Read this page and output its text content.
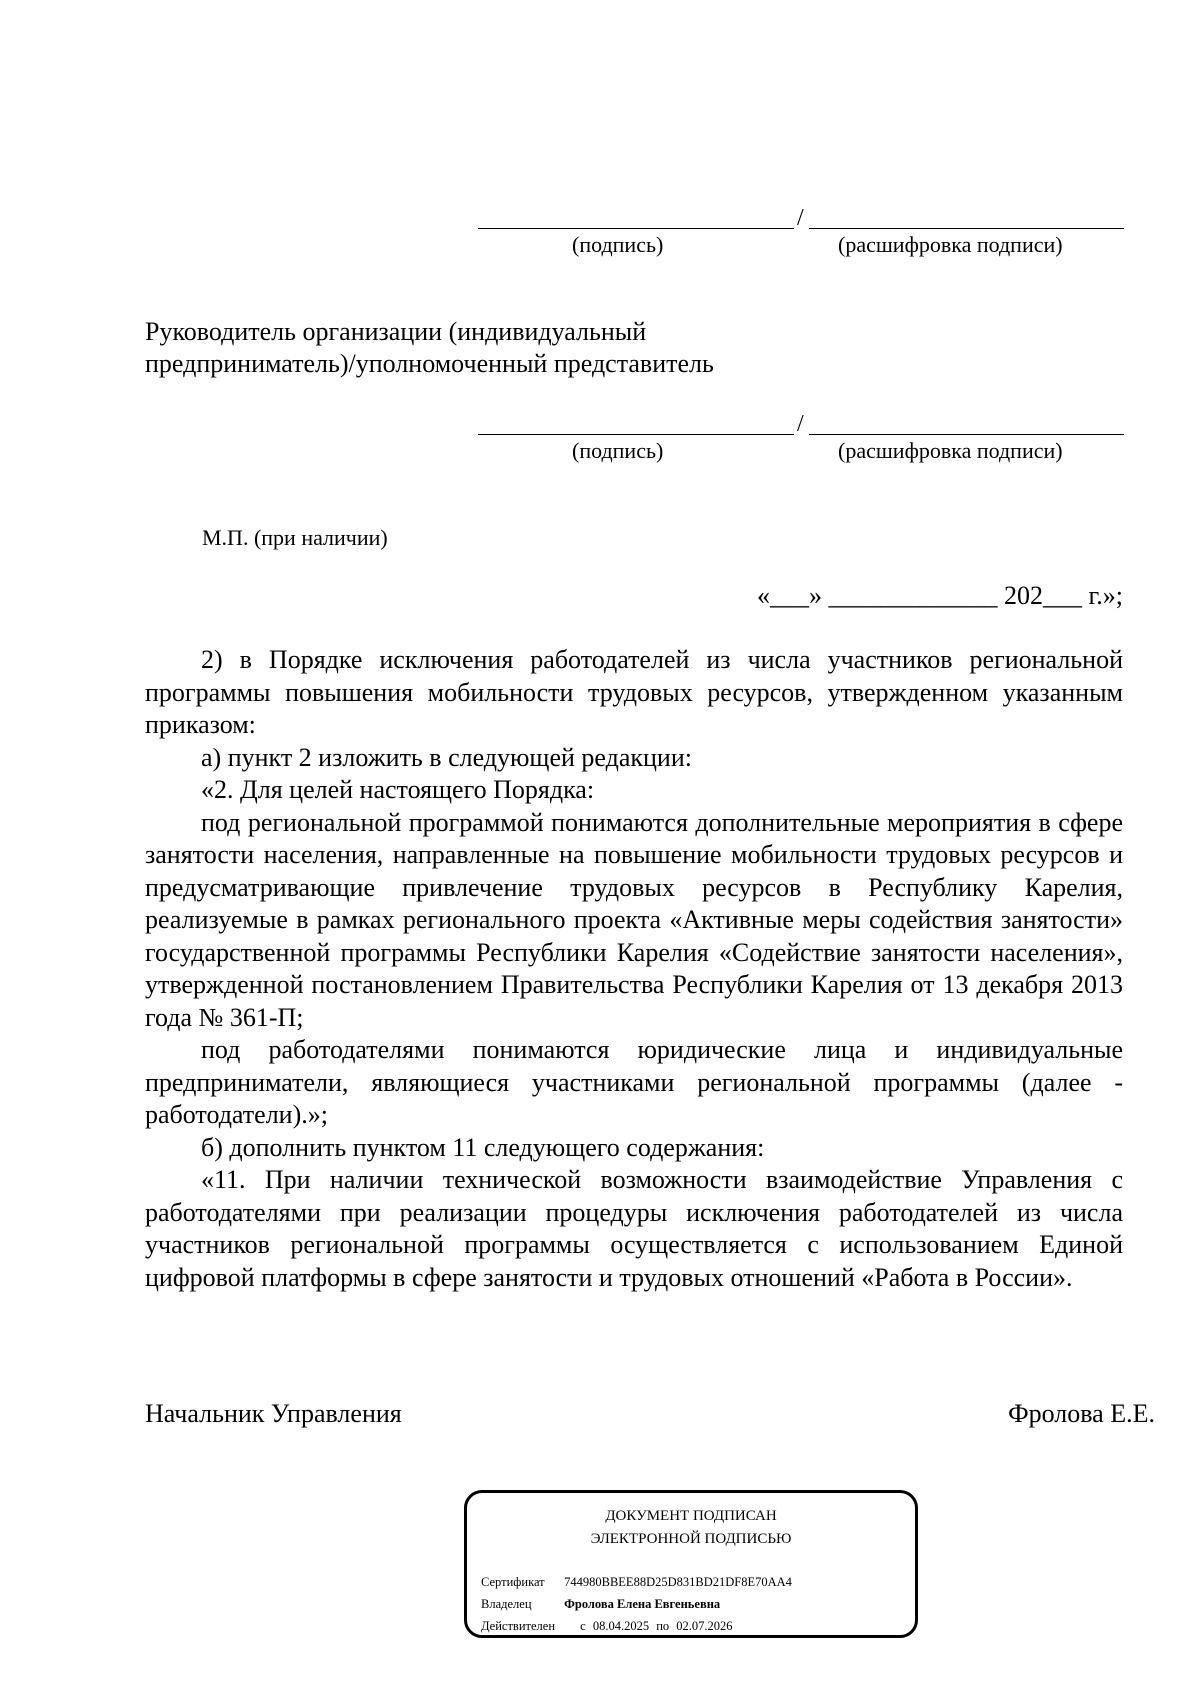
/
(подпись)	(расшифровка подписи)
Руководитель организации (индивидуальный
предприниматель)/уполномоченный представитель
/
(подпись)	(расшифровка подписи)
М.П. (при наличии)
«___» _____________ 202___ г.»;

2) в Порядке исключения работодателей из числа участников региональной программы повышения мобильности трудовых ресурсов, утвержденном указанным приказом:

а) пункт 2 изложить в следующей редакции:

«2. Для целей настоящего Порядка:

под региональной программой понимаются дополнительные мероприятия в сфере занятости населения, направленные на повышение мобильности трудовых ресурсов и предусматривающие привлечение трудовых ресурсов в Республику Карелия, реализуемые в рамках регионального проекта «Активные меры содействия занятости» государственной программы Республики Карелия «Содействие занятости населения», утвержденной постановлением Правительства Республики Карелия от 13 декабря 2013 года № 361-П;

под работодателями понимаются юридические лица и индивидуальные предприниматели, являющиеся участниками региональной программы (далее - работодатели).»;

б) дополнить пунктом 11 следующего содержания:

«11. При наличии технической возможности взаимодействие Управления с работодателями при реализации процедуры исключения работодателей из числа участников региональной программы осуществляется с использованием Единой цифровой платформы в сфере занятости и трудовых отношений «Работа в России».

Начальник Управления	Фролова Е.Е.
ДОКУМЕНТ ПОДПИСАН
ЭЛЕКТРОННОЙ ПОДПИСЬЮ
Сертификат 744980BBEE88D25D831BD21DF8E70AA4
Владелец	Фролова Елена Евгеньевна
Действителен с 08.04.2025 по 02.07.2026
